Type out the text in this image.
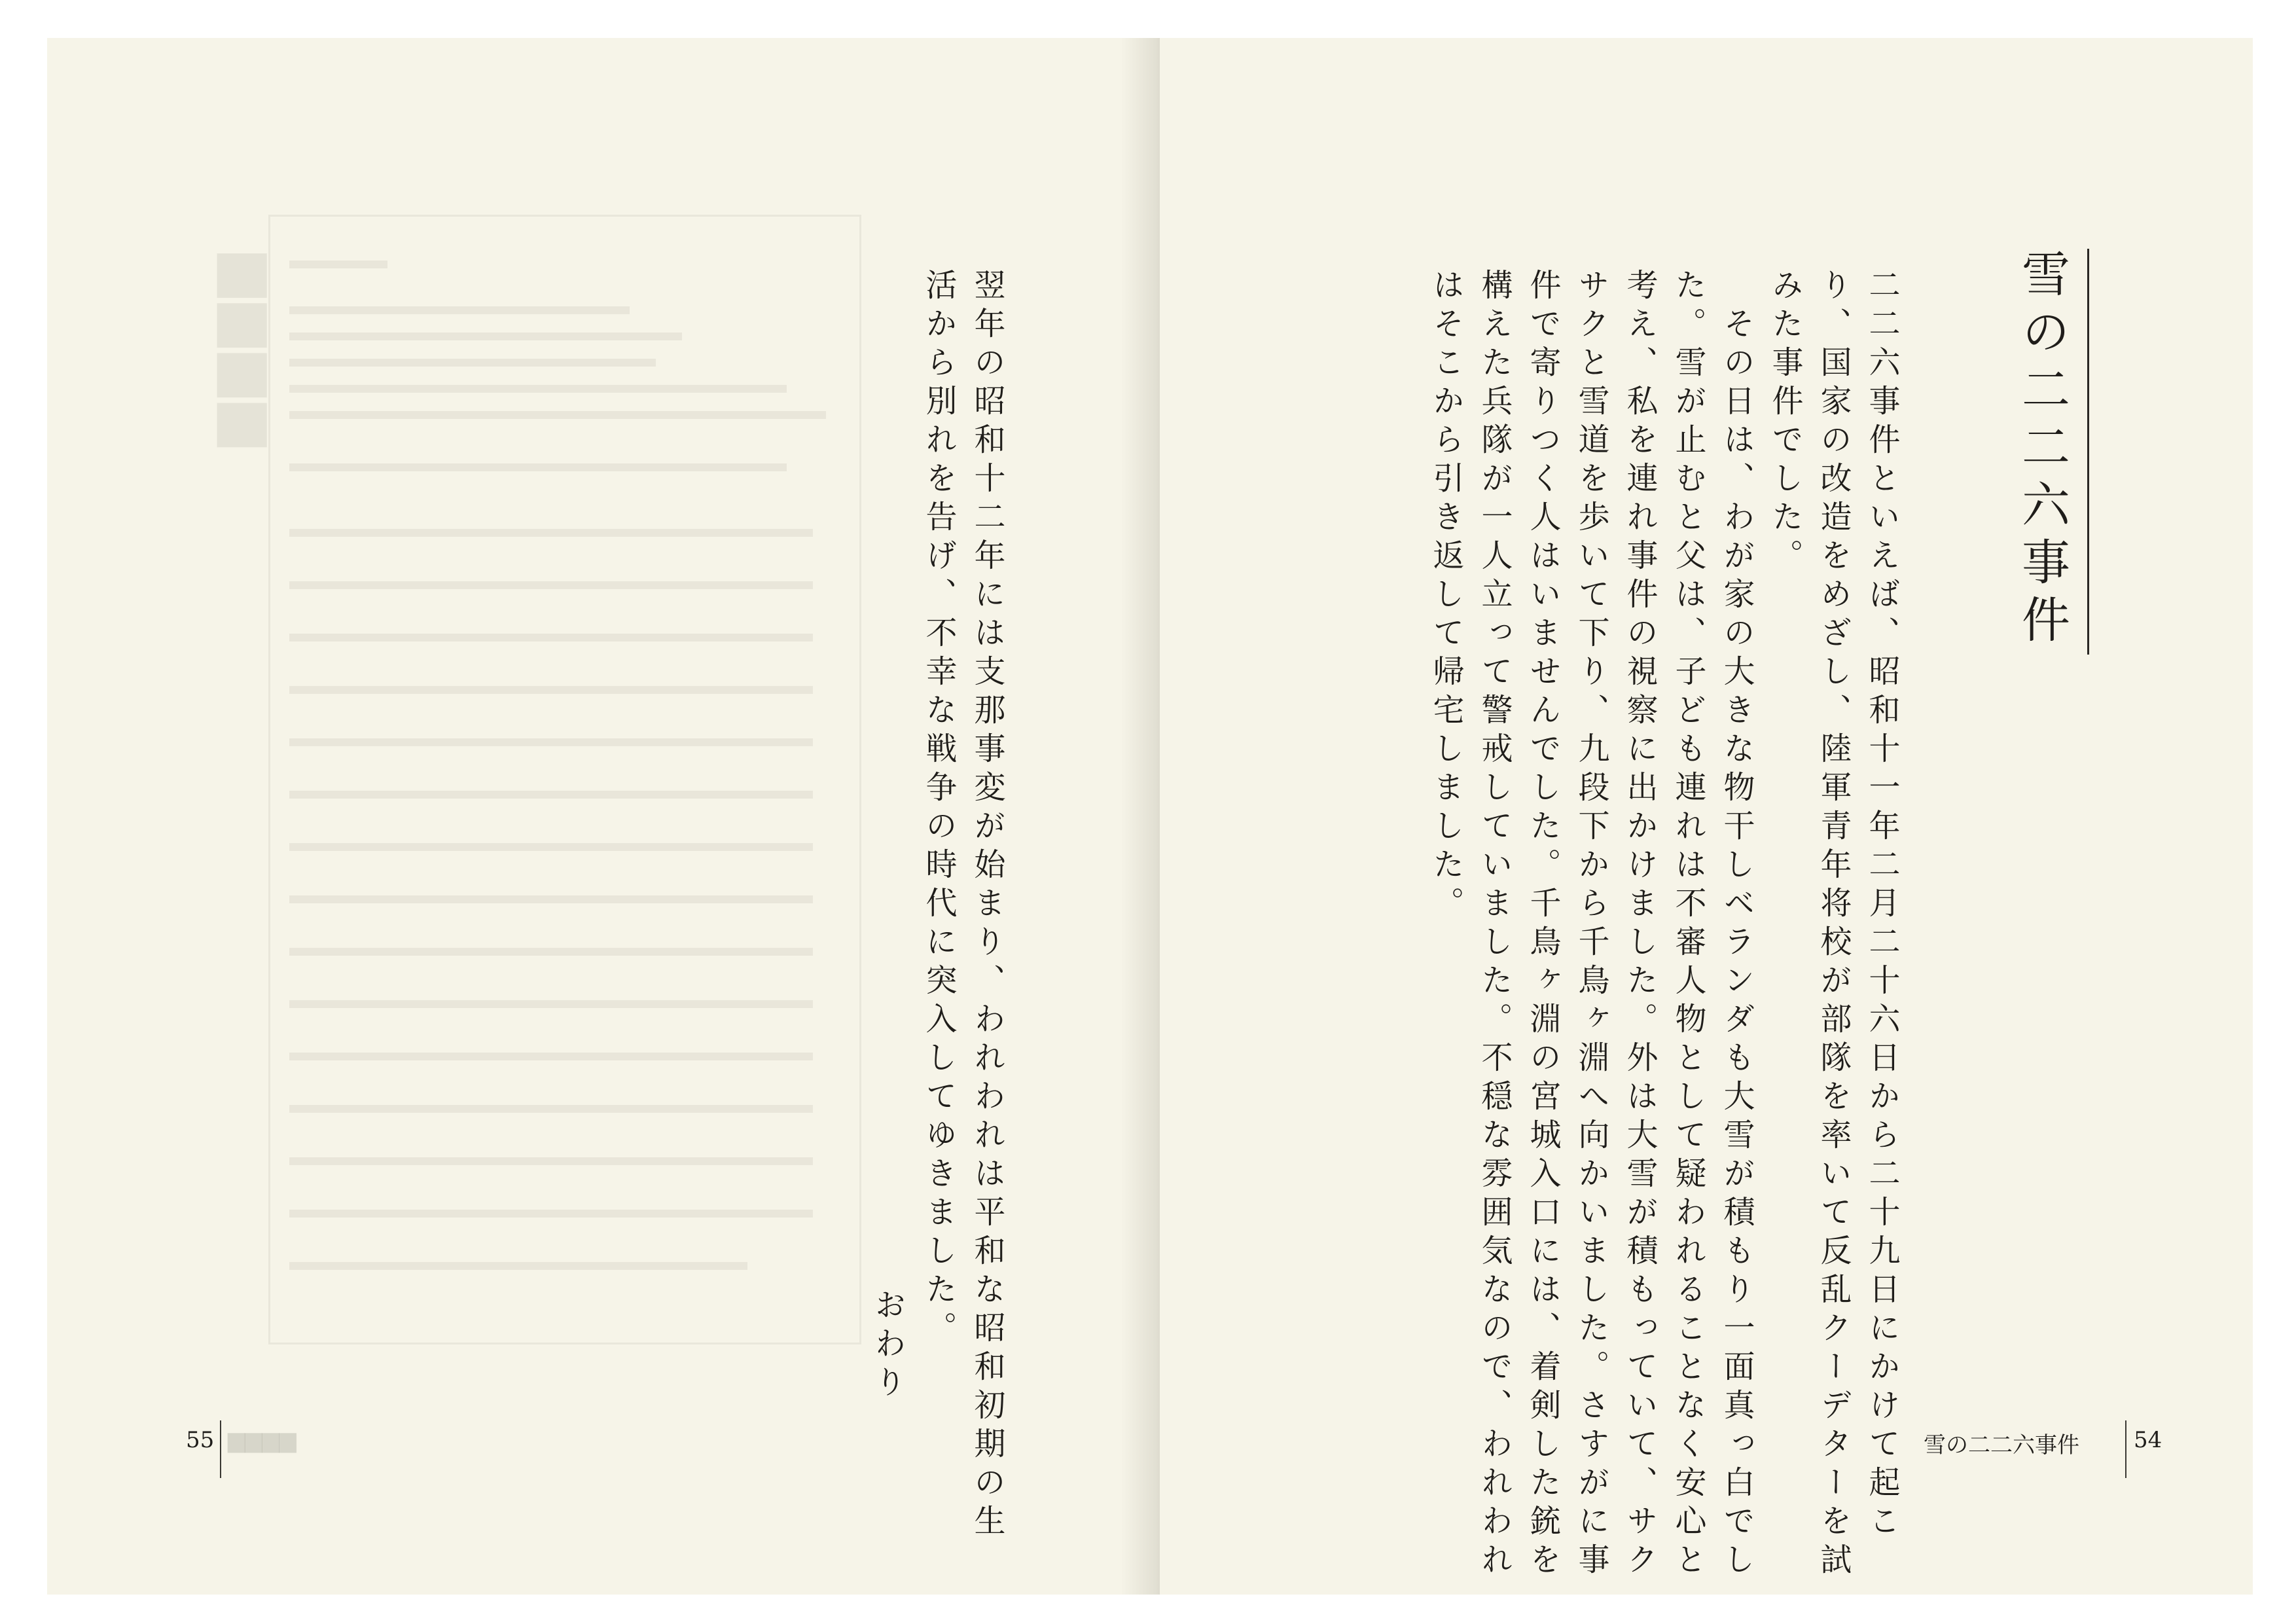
▆▆▆▆	翌年の昭和十二年には支那事変が始まり、われわれは平和な昭和初期の生
活から別れを告げ、不幸な戦争の時代に突入してゆきました。
おわり
55 ▆▆▆▆
雪の二二六事件
二二六事件といえば、昭和十一年二月二十六日から二十九日にかけて起こ
り、国家の改造をめざし、陸軍青年将校が部隊を率いて反乱クーデターを試
みた事件でした。
　その日は、わが家の大きな物干しベランダも大雪が積もり一面真っ白でし
た。雪が止むと父は、子ども連れは不審人物として疑われることなく安心と
考え、私を連れ事件の視察に出かけました。外は大雪が積もっていて、サク
サクと雪道を歩いて下り、九段下から千鳥ヶ淵へ向かいました。さすがに事
件で寄りつく人はいませんでした。千鳥ヶ淵の宮城入口には、着剣した銃を
構えた兵隊が一人立って警戒していました。不穏な雰囲気なので、われわれ
はそこから引き返して帰宅しました。
雪の二二六事件 54
